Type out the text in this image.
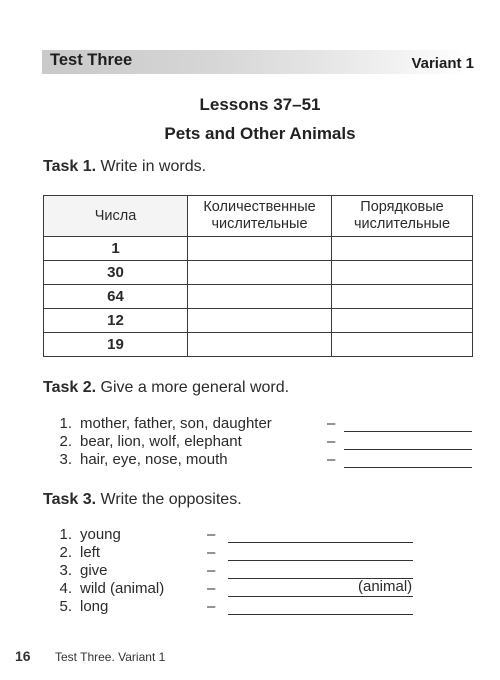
Test Three	Variant 1
Lessons 37–51
Pets and Other Animals
Task 1. Write in words.
Числа	Количественные числительные	Порядковые числительные
1		
30		
64		
12		
19		
Task 2. Give a more general word.
1. mother, father, son, daughter	–
2. bear, lion, wolf, elephant	–
3. hair, eye, nose, mouth	–
Task 3. Write the opposites.
1. young	–
2. left	–
3. give	–
4. wild (animal)	–	(animal)
5. long	–
16 Test Three. Variant 1
